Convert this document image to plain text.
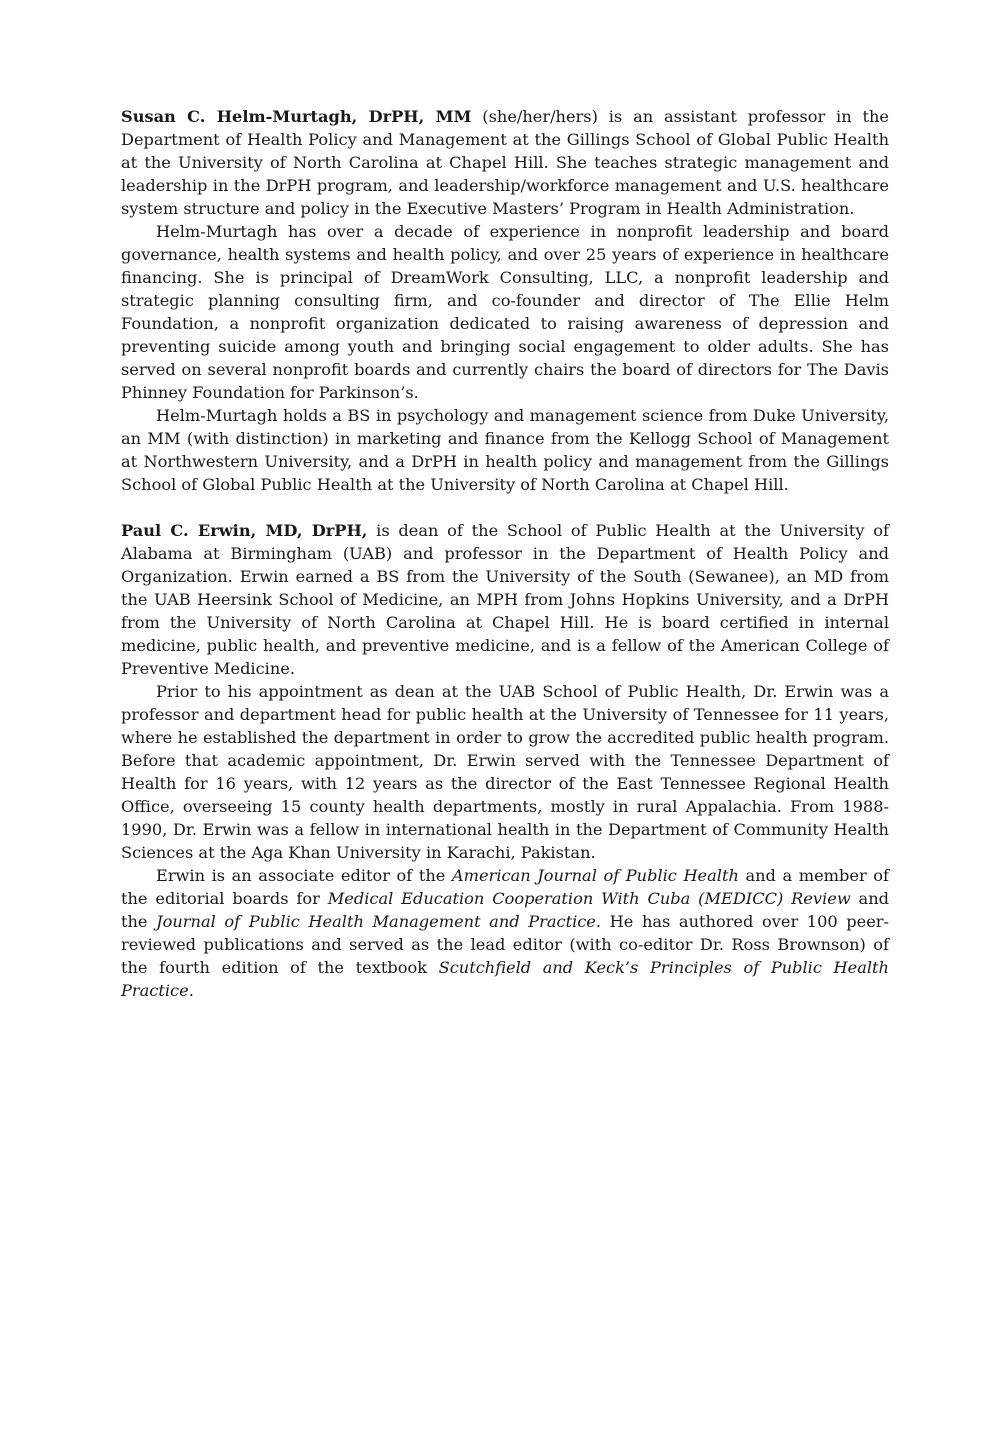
Susan C. Helm-Murtagh, DrPH, MM (she/her/hers) is an assistant professor in the Department of Health Policy and Management at the Gillings School of Global Public Health at the University of North Carolina at Chapel Hill. She teaches strategic management and leadership in the DrPH program, and leadership/workforce management and U.S. healthcare system structure and policy in the Executive Masters’ Program in Health Administration.

Helm-Murtagh has over a decade of experience in nonprofit leadership and board governance, health systems and health policy, and over 25 years of experience in healthcare financing. She is principal of DreamWork Consulting, LLC, a nonprofit leadership and strategic planning consulting firm, and co-founder and director of The Ellie Helm Foundation, a nonprofit organization dedicated to raising awareness of depression and preventing suicide among youth and bringing social engagement to older adults. She has served on several nonprofit boards and currently chairs the board of directors for The Davis Phinney Foundation for Parkinson’s.

Helm-Murtagh holds a BS in psychology and management science from Duke University, an MM (with distinction) in marketing and finance from the Kellogg School of Management at Northwestern University, and a DrPH in health policy and management from the Gillings School of Global Public Health at the University of North Carolina at Chapel Hill.

Paul C. Erwin, MD, DrPH, is dean of the School of Public Health at the University of Alabama at Birmingham (UAB) and professor in the Department of Health Policy and Organization. Erwin earned a BS from the University of the South (Sewanee), an MD from the UAB Heersink School of Medicine, an MPH from Johns Hopkins University, and a DrPH from the University of North Carolina at Chapel Hill. He is board certified in internal medicine, public health, and preventive medicine, and is a fellow of the American College of Preventive Medicine.

Prior to his appointment as dean at the UAB School of Public Health, Dr. Erwin was a professor and department head for public health at the University of Tennessee for 11 years, where he established the department in order to grow the accredited public health program. Before that academic appointment, Dr. Erwin served with the Tennessee Department of Health for 16 years, with 12 years as the director of the East Tennessee Regional Health Office, overseeing 15 county health departments, mostly in rural Appalachia. From 1988-1990, Dr. Erwin was a fellow in international health in the Department of Community Health Sciences at the Aga Khan University in Karachi, Pakistan.

Erwin is an associate editor of the American Journal of Public Health and a member of the editorial boards for Medical Education Cooperation With Cuba (MEDICC) Review and the Journal of Public Health Management and Practice. He has authored over 100 peer-reviewed publications and served as the lead editor (with co-editor Dr. Ross Brownson) of the fourth edition of the textbook Scutchfield and Keck’s Principles of Public Health Practice.
